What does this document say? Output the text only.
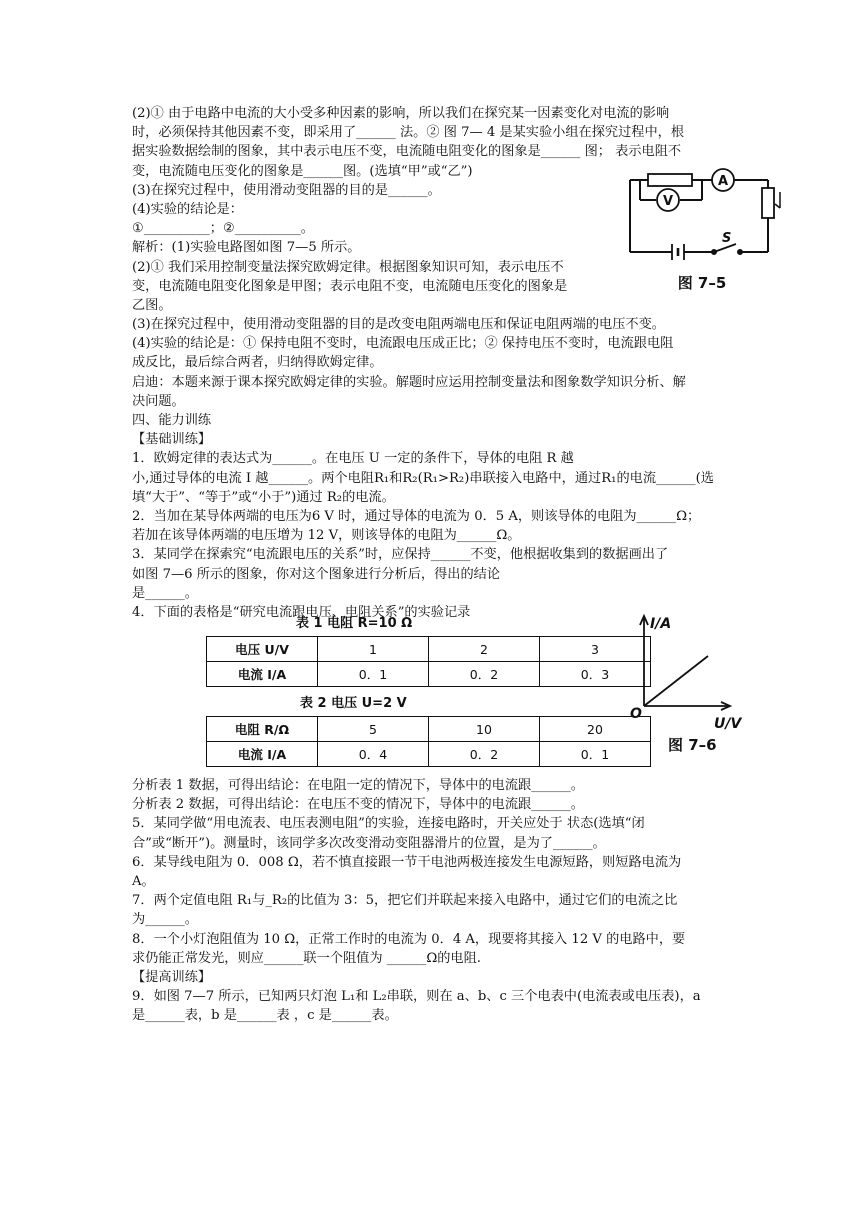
(2)① 由于电路中电流的大小受多种因素的影响，所以我们在探究某一因素变化对电流的影响
时，必须保持其他因素不变，即采用了______ 法。② 图 7— 4 是某实验小组在探究过程中，根
据实验数据绘制的图象，其中表示电压不变，电流随电阻变化的图象是______ 图； 表示电阻不
变，电流随电压变化的图象是______图。(选填“甲”或“乙”)
(3)在探究过程中，使用滑动变阻器的目的是______。
(4)实验的结论是：
①__________；②__________。
解析：(1)实验电路图如图 7—5 所示。
(2)① 我们采用控制变量法探究欧姆定律。根据图象知识可知，表示电压不
变，电流随电阻变化图象是甲图；表示电阻不变，电流随电压变化的图象是
乙图。
(3)在探究过程中，使用滑动变阻器的目的是改变电阻两端电压和保证电阻两端的电压不变。
(4)实验的结论是：① 保持电阻不变时，电流跟电压成正比；② 保持电压不变时，电流跟电阻
成反比，最后综合两者，归纳得欧姆定律。
启迪：本题来源于课本探究欧姆定律的实验。解题时应运用控制变量法和图象数学知识分析、解
决问题。
四、能力训练
【基础训练】
1．欧姆定律的表达式为______。在电压 U 一定的条件下，导体的电阻 R 越
小,通过导体的电流 I 越______。两个电阻R₁和R₂(R₁>R₂)串联接入电路中，通过R₁的电流______(选
填“大于”、“等于”或“小于”)通过 R₂的电流。
2．当加在某导体两端的电压为6 V 时，通过导体的电流为 0．5 A，则该导体的电阻为______Ω；
若加在该导体两端的电压增为 12 V，则该导体的电阻为______Ω。
3．某同学在探索究“电流跟电压的关系”时，应保持______不变，他根据收集到的数据画出了
如图 7—6 所示的图象，你对这个图象进行分析后，得出的结论
是______。
4．下面的表格是“研究电流跟电压、电阻关系”的实验记录
分析表 1 数据，可得出结论：在电阻一定的情况下，导体中的电流跟______。
分析表 2 数据，可得出结论：在电压不变的情况下，导体中的电流跟______。
5．某同学做“用电流表、电压表测电阻”的实验，连接电路时，开关应处于 状态(选填“闭
合”或“断开”)。测量时，该同学多次改变滑动变阻器滑片的位置，是为了______。
6．某导线电阻为 0．008 Ω，若不慎直接跟一节干电池两极连接发生电源短路，则短路电流为
A。
7．两个定值电阻 R₁与_R₂的比值为 3：5，把它们并联起来接入电路中，通过它们的电流之比
为______。
8．一个小灯泡阻值为 10 Ω，正常工作时的电流为 0．4 A，现要将其接入 12 V 的电路中，要
求仍能正常发光，则应______联一个阻值为 ______Ω的电阻.
【提高训练】
9．如图 7—7 所示，已知两只灯泡 L₁和 L₂串联，则在 a、b、c 三个电表中(电流表或电压表)，a
是______表，b 是______表 ，c 是______表。
V
A
S
图 7–5
I/A
U/V
O
图 7–6
表 1 电阻 R=10 Ω
电压 U/V	1	2	3
电流 I/A	0．1	0．2	0．3
表 2 电压 U=2 V
电阻 R/Ω	5	10	20
电流 I/A	0．4	0．2	0．1
